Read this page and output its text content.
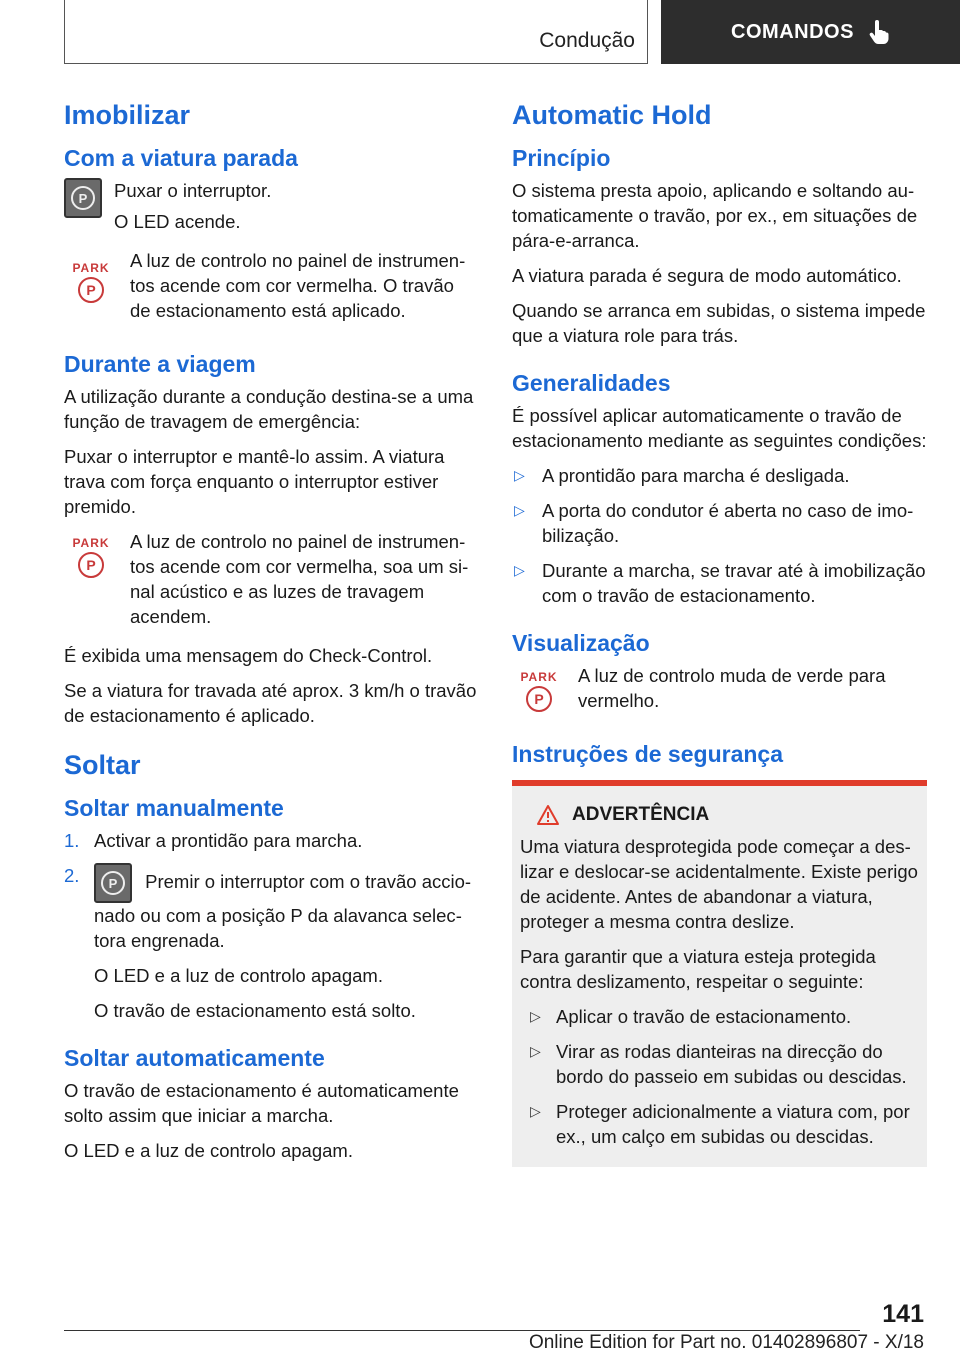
Condução	COMANDOS
Imobilizar
Com a viatura parada
P	Puxar o interruptor.

O LED acende.

PARK
P

A luz de controlo no painel de instrumentos acende com cor vermelha. O travão de estacionamento está aplicado.

Durante a viagem

A utilização durante a condução destina-se a uma função de travagem de emergência:

Puxar o interruptor e mantê-lo assim. A viatura trava com força enquanto o interruptor estiver premido.

PARK
P

A luz de controlo no painel de instrumentos acende com cor vermelha, soa um sinal acústico e as luzes de travagem acendem.

É exibida uma mensagem do Check-Control.

Se a viatura for travada até aprox. 3 km/h o travão de estacionamento é aplicado.

Soltar
Soltar manualmente
1. Activar a prontidão para marcha.
2.	P	Premir o interruptor com o travão accionado ou com a posição P da alavanca selectora engrenada.

O LED e a luz de controlo apagam.

O travão de estacionamento está solto.

Soltar automaticamente

O travão de estacionamento é automaticamente solto assim que iniciar a marcha.

O LED e a luz de controlo apagam.

Automatic Hold
Princípio

O sistema presta apoio, aplicando e soltando automaticamente o travão, por ex., em situações de pára-e-arranca.

A viatura parada é segura de modo automático.

Quando se arranca em subidas, o sistema impede que a viatura role para trás.

Generalidades

É possível aplicar automaticamente o travão de estacionamento mediante as seguintes condições:

▷ A prontidão para marcha é desligada.
▷ A porta do condutor é aberta no caso de imobilização.
▷ Durante a marcha, se travar até à imobilização com o travão de estacionamento.
Visualização
PARK
P

A luz de controlo muda de verde para vermelho.

Instruções de segurança
ADVERTÊNCIA

Uma viatura desprotegida pode começar a deslizar e deslocar-se acidentalmente. Existe perigo de acidente. Antes de abandonar a viatura, proteger a mesma contra deslize.

Para garantir que a viatura esteja protegida contra deslizamento, respeitar o seguinte:

▷ Aplicar o travão de estacionamento.
▷ Virar as rodas dianteiras na direcção do bordo do passeio em subidas ou descidas.
▷ Proteger adicionalmente a viatura com, por ex., um calço em subidas ou descidas.
141
Online Edition for Part no. 01402896807 - X/18
